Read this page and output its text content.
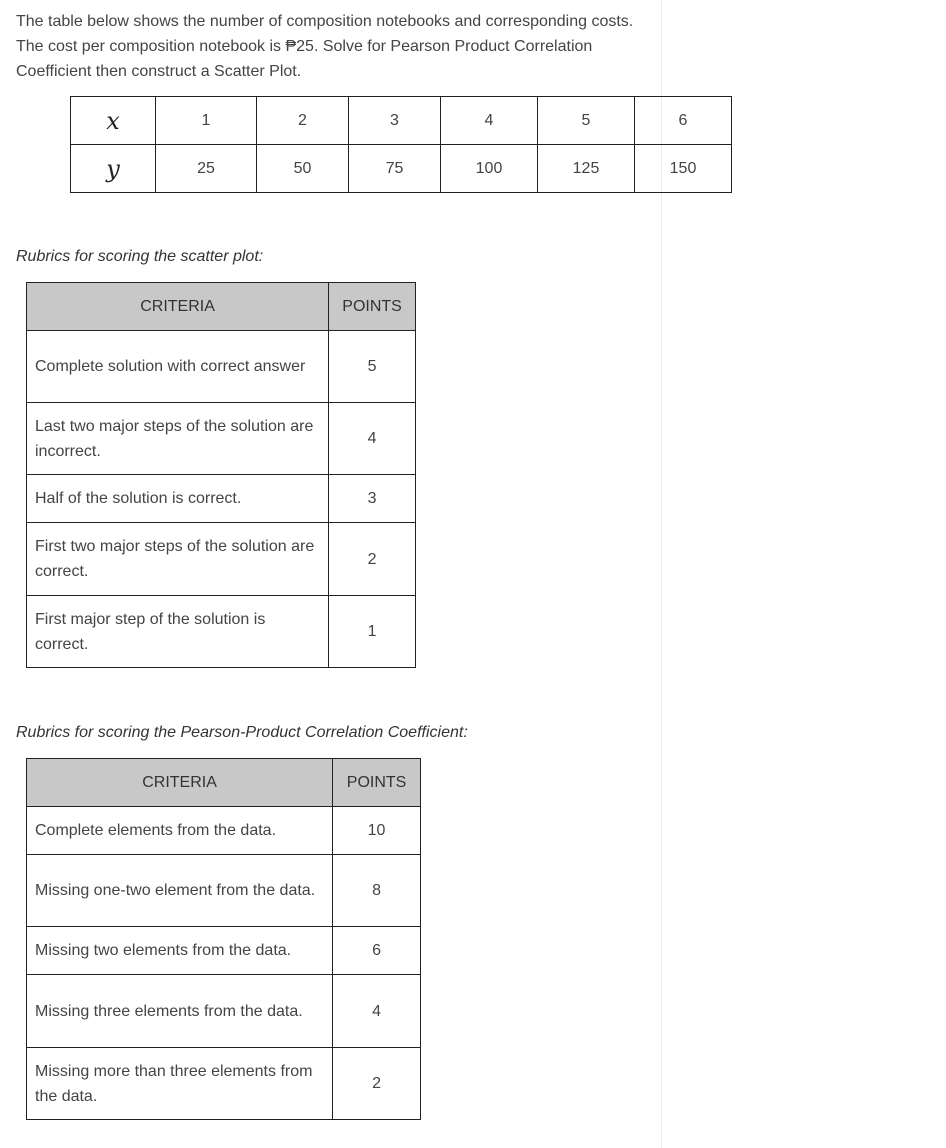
The table below shows the number of composition notebooks and corresponding costs. The cost per composition notebook is ₱25. Solve for Pearson Product Correlation Coefficient then construct a Scatter Plot.
x	1	2	3	4	5	6
y	25	50	75	100	125	150
Rubrics for scoring the scatter plot:
CRITERIA	POINTS
Complete solution with correct answer	5
Last two major steps of the solution are incorrect.	4
Half of the solution is correct.	3
First two major steps of the solution are correct.	2
First major step of the solution is correct.	1
Rubrics for scoring the Pearson-Product Correlation Coefficient:
CRITERIA	POINTS
Complete elements from the data.	10
Missing one-two element from the data.	8
Missing two elements from the data.	6
Missing three elements from the data.	4
Missing more than three elements from the data.	2
